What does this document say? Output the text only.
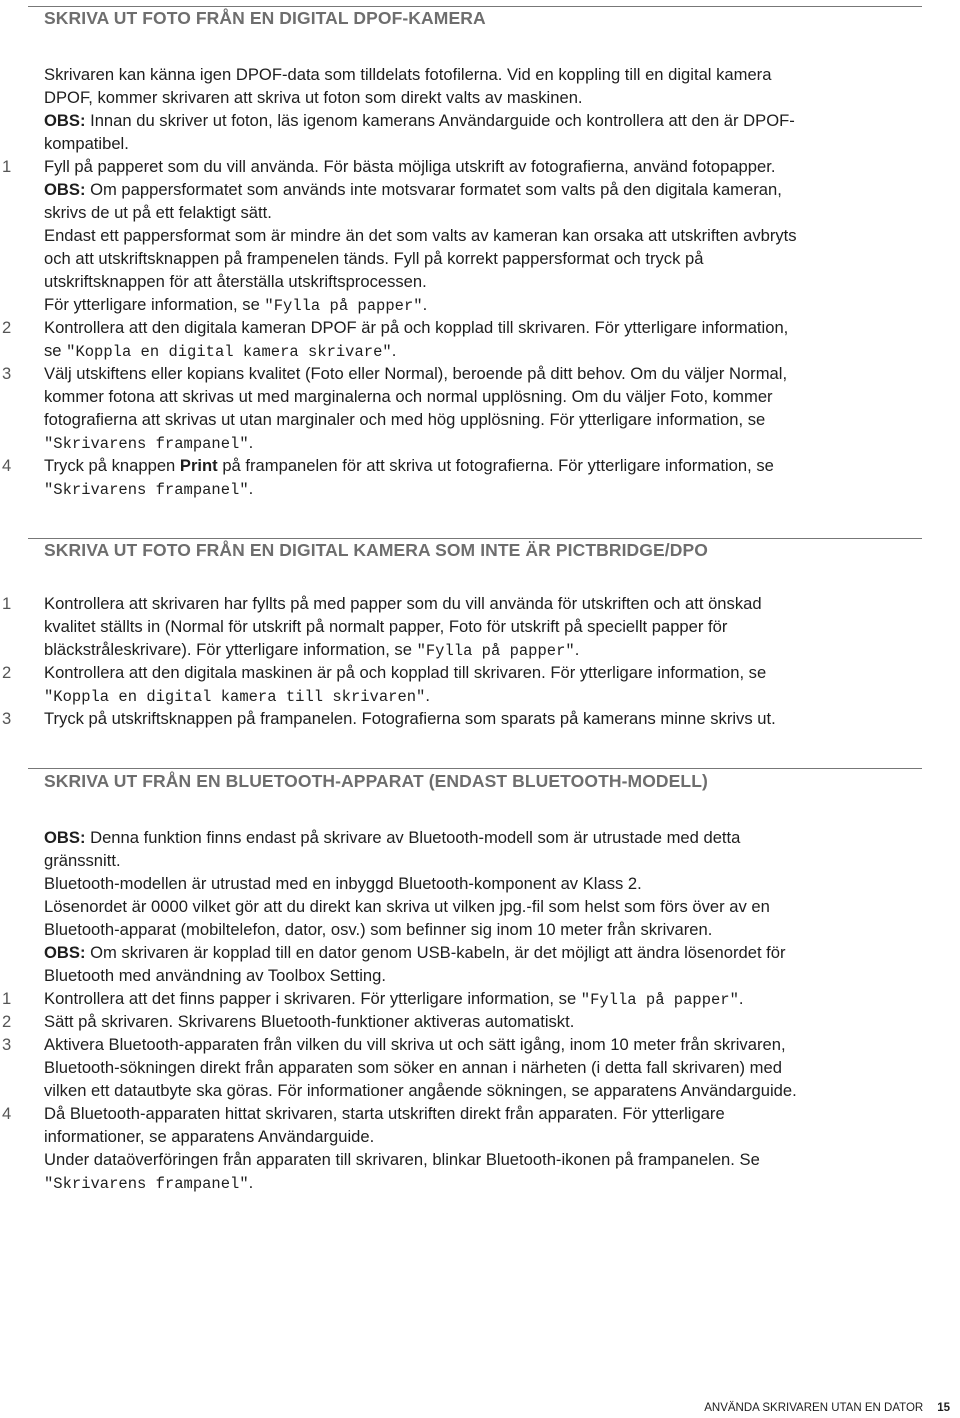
SKRIVA UT FOTO FRÅN EN DIGITAL DPOF-KAMERA
Skrivaren kan känna igen DPOF-data som tilldelats fotofilerna. Vid en koppling till en digital kamera
DPOF, kommer skrivaren att skriva ut foton som direkt valts av maskinen.
OBS: Innan du skriver ut foton, läs igenom kamerans Användarguide och kontrollera att den är DPOF-
kompatibel.
1 Fyll på papperet som du vill använda. För bästa möjliga utskrift av fotografierna, använd fotopapper.
OBS: Om pappersformatet som används inte motsvarar formatet som valts på den digitala kameran,
skrivs de ut på ett felaktigt sätt.
Endast ett pappersformat som är mindre än det som valts av kameran kan orsaka att utskriften avbryts
och att utskriftsknappen på frampenelen tänds. Fyll på korrekt pappersformat och tryck på
utskriftsknappen för att återställa utskriftsprocessen.
För ytterligare information, se "Fylla på papper".
2 Kontrollera att den digitala kameran DPOF är på och kopplad till skrivaren. För ytterligare information,
se "Koppla en digital kamera skrivare".
3 Välj utskiftens eller kopians kvalitet (Foto eller Normal), beroende på ditt behov. Om du väljer Normal,
kommer fotona att skrivas ut med marginalerna och normal upplösning. Om du väljer Foto, kommer
fotografierna att skrivas ut utan marginaler och med hög upplösning. För ytterligare information, se
"Skrivarens frampanel".
4 Tryck på knappen Print på frampanelen för att skriva ut fotografierna. För ytterligare information, se
"Skrivarens frampanel".
SKRIVA UT FOTO FRÅN EN DIGITAL KAMERA SOM INTE ÄR PICTBRIDGE/DPO
1 Kontrollera att skrivaren har fyllts på med papper som du vill använda för utskriften och att önskad
kvalitet ställts in (Normal för utskrift på normalt papper, Foto för utskrift på speciellt papper för
bläckstråleskrivare). För ytterligare information, se "Fylla på papper".
2 Kontrollera att den digitala maskinen är på och kopplad till skrivaren. För ytterligare information, se
"Koppla en digital kamera till skrivaren".
3 Tryck på utskriftsknappen på frampanelen. Fotografierna som sparats på kamerans minne skrivs ut.
SKRIVA UT FRÅN EN BLUETOOTH-APPARAT (ENDAST BLUETOOTH-MODELL)
OBS: Denna funktion finns endast på skrivare av Bluetooth-modell som är utrustade med detta
gränssnitt.
Bluetooth-modellen är utrustad med en inbyggd Bluetooth-komponent av Klass 2.
Lösenordet är 0000 vilket gör att du direkt kan skriva ut vilken jpg.-fil som helst som förs över av en
Bluetooth-apparat (mobiltelefon, dator, osv.) som befinner sig inom 10 meter från skrivaren.
OBS: Om skrivaren är kopplad till en dator genom USB-kabeln, är det möjligt att ändra lösenordet för
Bluetooth med användning av Toolbox Setting.
1 Kontrollera att det finns papper i skrivaren. För ytterligare information, se "Fylla på papper".
2 Sätt på skrivaren. Skrivarens Bluetooth-funktioner aktiveras automatiskt.
3 Aktivera Bluetooth-apparaten från vilken du vill skriva ut och sätt igång, inom 10 meter från skrivaren,
Bluetooth-sökningen direkt från apparaten som söker en annan i närheten (i detta fall skrivaren) med
vilken ett datautbyte ska göras. För informationer angående sökningen, se apparatens Användarguide.
4 Då Bluetooth-apparaten hittat skrivaren, starta utskriften direkt från apparaten. För ytterligare
informationer, se apparatens Användarguide.
Under dataöverföringen från apparaten till skrivaren, blinkar Bluetooth-ikonen på frampanelen. Se
"Skrivarens frampanel".
ANVÄNDA SKRIVAREN UTAN EN DATOR 15
